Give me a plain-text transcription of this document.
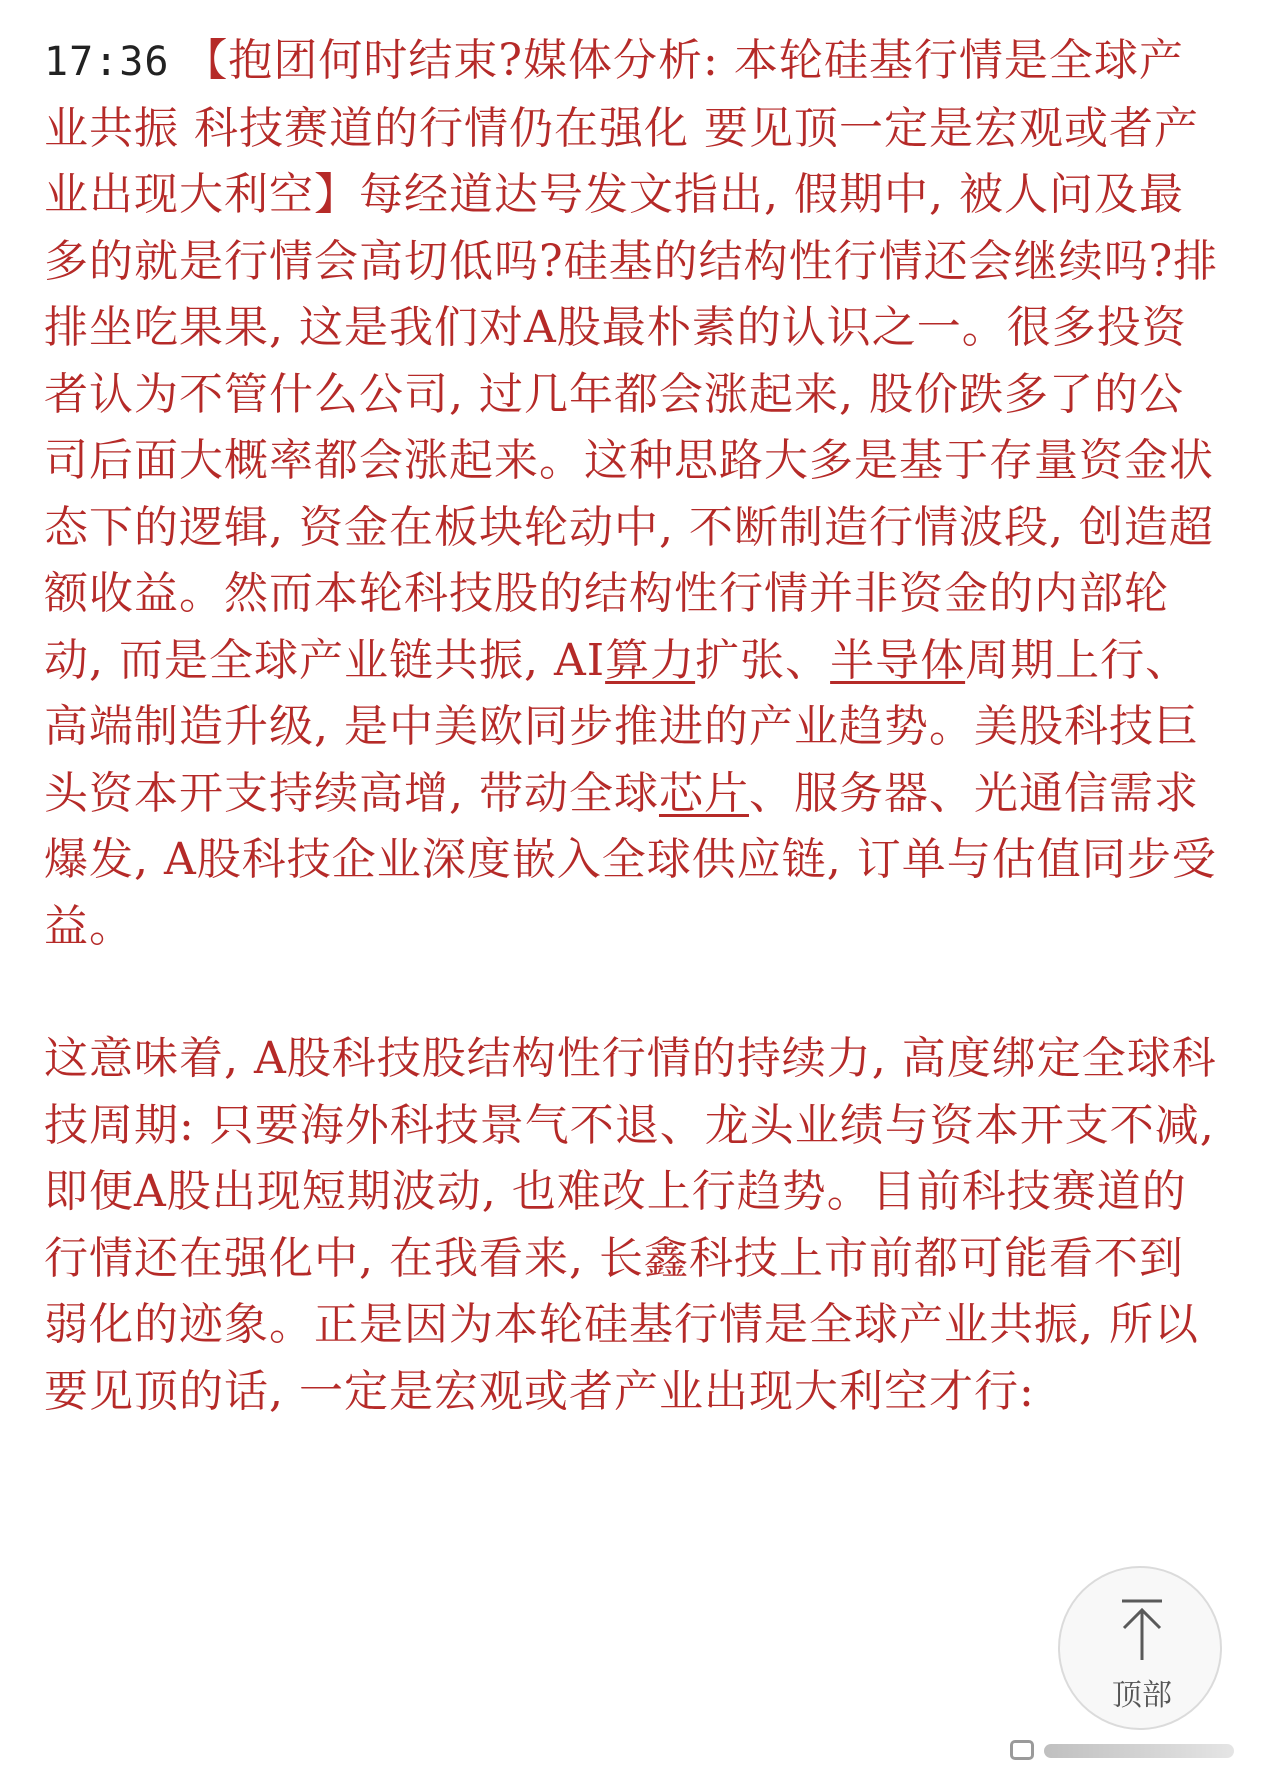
17:36 【抱团何时结束?媒体分析: 本轮硅基行情是全球产业共振 科技赛道的行情仍在强化 要见顶一定是宏观或者产业出现大利空】每经道达号发文指出, 假期中, 被人问及最多的就是行情会高切低吗?硅基的结构性行情还会继续吗?排排坐吃果果, 这是我们对A股最朴素的认识之一。很多投资者认为不管什么公司, 过几年都会涨起来, 股价跌多了的公司后面大概率都会涨起来。这种思路大多是基于存量资金状态下的逻辑, 资金在板块轮动中, 不断制造行情波段, 创造超额收益。然而本轮科技股的结构性行情并非资金的内部轮动, 而是全球产业链共振, AI算力扩张、半导体周期上行、高端制造升级, 是中美欧同步推进的产业趋势。美股科技巨头资本开支持续高增, 带动全球芯片、服务器、光通信需求爆发, A股科技企业深度嵌入全球供应链, 订单与估值同步受益。

这意味着, A股科技股结构性行情的持续力, 高度绑定全球科技周期: 只要海外科技景气不退、龙头业绩与资本开支不减, 即便A股出现短期波动, 也难改上行趋势。目前科技赛道的行情还在强化中, 在我看来, 长鑫科技上市前都可能看不到弱化的迹象。正是因为本轮硅基行情是全球产业共振, 所以要见顶的话, 一定是宏观或者产业出现大利空才行:

顶部
